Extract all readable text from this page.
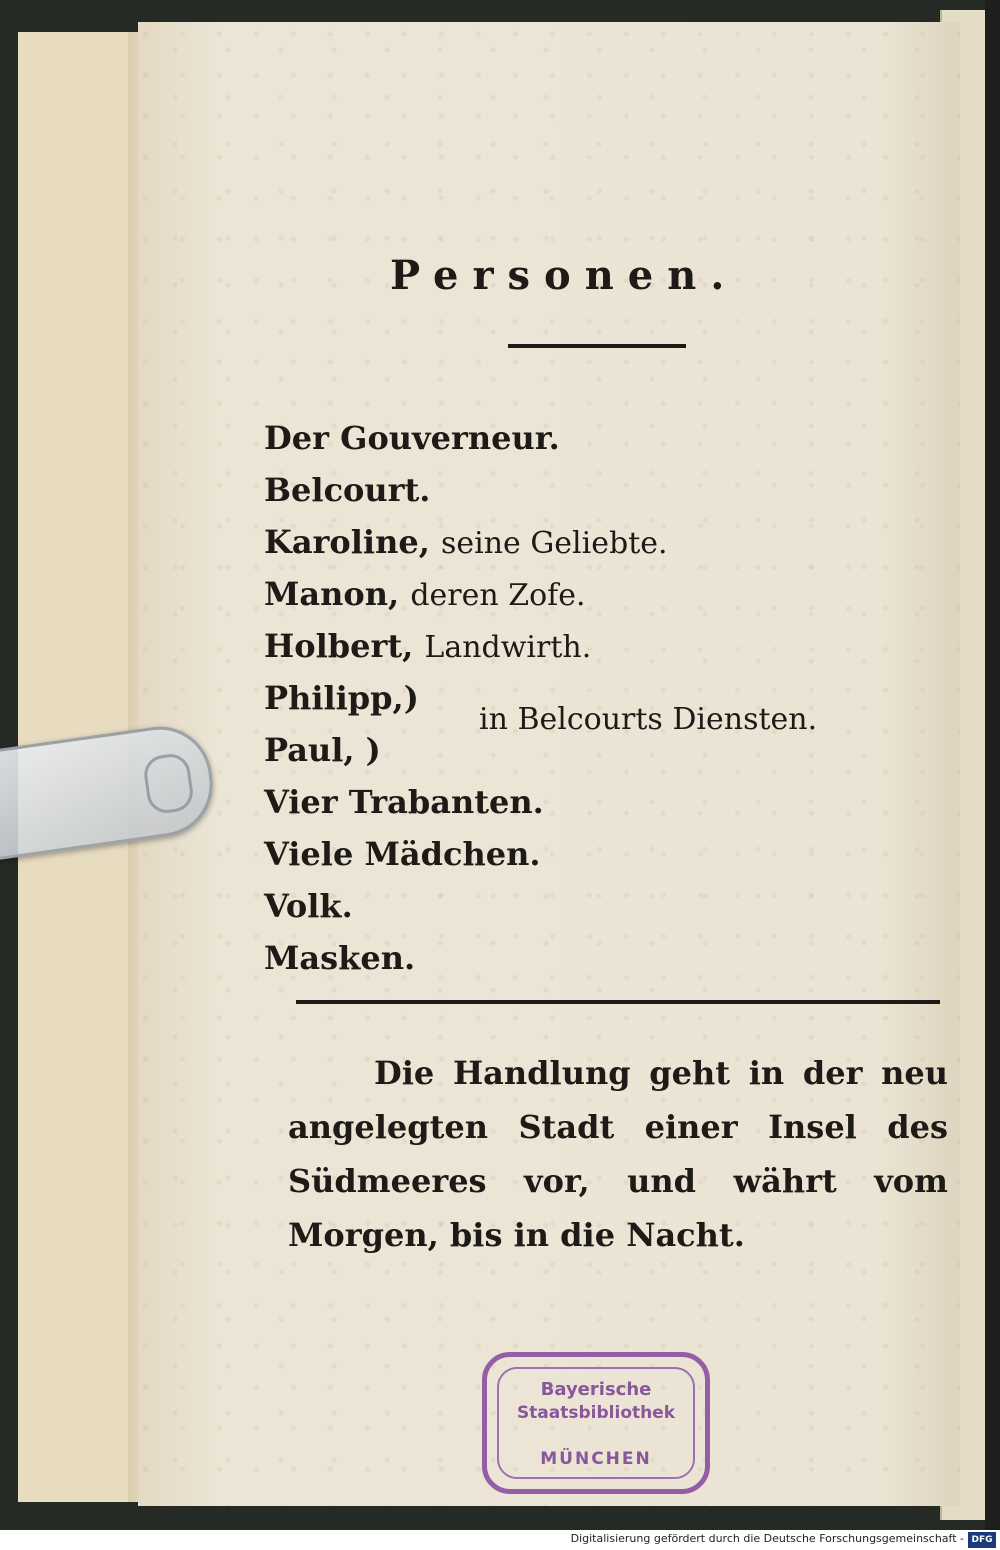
Personen.
Der Gouverneur.
Belcourt.
Karoline, seine Geliebte.
Manon, deren Zofe.
Holbert, Landwirth.
Philipp,)
Paul, )
in Belcourts Diensten.
Vier Trabanten.
Viele Mädchen.
Volk.
Masken.
Die Handlung geht in der neu angelegten Stadt einer Insel des Südmeeres vor, und währt vom Morgen, bis in die Nacht.
Bayerische
Staatsbibliothek
MÜNCHEN
Digitalisierung gefördert durch die Deutsche Forschungsgemeinschaft - DFG
